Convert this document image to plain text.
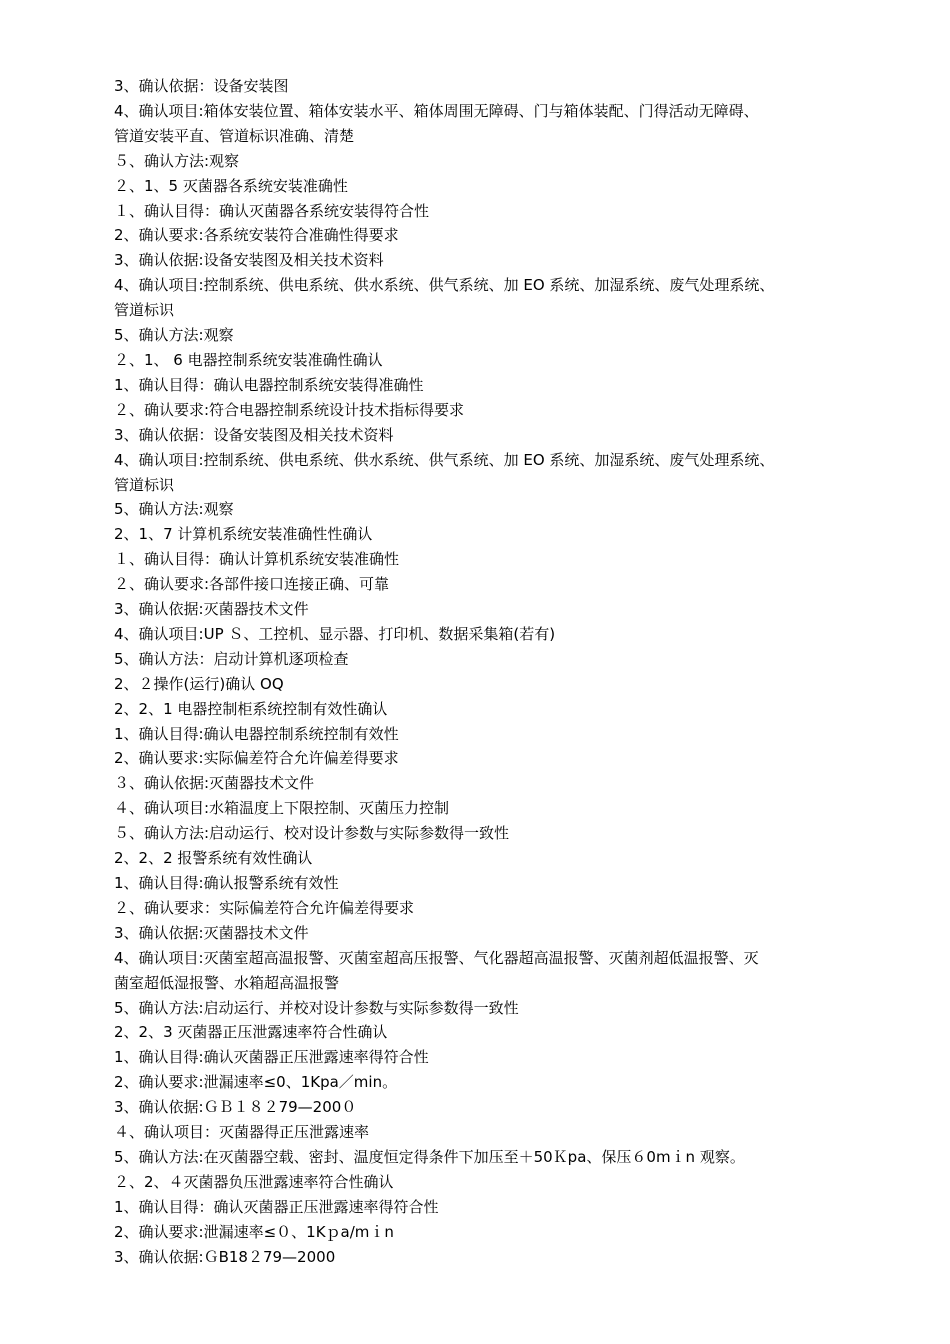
3、确认依据：设备安装图

4、确认项目:箱体安装位置、箱体安装水平、箱体周围无障碍、门与箱体装配、门得活动无障碍、

管道安装平直、管道标识准确、清楚

５、确认方法:观察

２、1、5 灭菌器各系统安装准确性

１、确认目得：确认灭菌器各系统安装得符合性

2、确认要求:各系统安装符合准确性得要求

3、确认依据:设备安装图及相关技术资料

4、确认项目:控制系统、供电系统、供水系统、供气系统、加 EO 系统、加湿系统、废气处理系统、

管道标识

5、确认方法:观察

２、1、 6 电器控制系统安装准确性确认

1、确认目得：确认电器控制系统安装得准确性

２、确认要求:符合电器控制系统设计技术指标得要求

3、确认依据：设备安装图及相关技术资料

4、确认项目:控制系统、供电系统、供水系统、供气系统、加 EO 系统、加湿系统、废气处理系统、

管道标识

5、确认方法:观察

2、1、7 计算机系统安装准确性性确认

１、确认目得：确认计算机系统安装准确性

２、确认要求:各部件接口连接正确、可靠

3、确认依据:灭菌器技术文件

4、确认项目:UP Ｓ、工控机、显示器、打印机、数据采集箱(若有)

5、确认方法：启动计算机逐项检查

2、２操作(运行)确认 OQ

2、2、1 电器控制柜系统控制有效性确认

1、确认目得:确认电器控制系统控制有效性

2、确认要求:实际偏差符合允许偏差得要求

３、确认依据:灭菌器技术文件

４、确认项目:水箱温度上下限控制、灭菌压力控制

５、确认方法:启动运行、校对设计参数与实际参数得一致性

2、2、2 报警系统有效性确认

1、确认目得:确认报警系统有效性

２、确认要求：实际偏差符合允许偏差得要求

3、确认依据:灭菌器技术文件

4、确认项目:灭菌室超高温报警、灭菌室超高压报警、气化器超高温报警、灭菌剂超低温报警、灭

菌室超低湿报警、水箱超高温报警

5、确认方法:启动运行、并校对设计参数与实际参数得一致性

2、2、3 灭菌器正压泄露速率符合性确认

1、确认目得:确认灭菌器正压泄露速率得符合性

2、确认要求:泄漏速率≤0、1Kpa／min。

3、确认依据:ＧＢ１８２79—200０

４、确认项目：灭菌器得正压泄露速率

5、确认方法:在灭菌器空载、密封、温度恒定得条件下加压至＋50Ｋpa、保压６0mｉn 观察。

２、2、４灭菌器负压泄露速率符合性确认

1、确认目得：确认灭菌器正压泄露速率得符合性

2、确认要求:泄漏速率≤０、1Kｐa/mｉn

3、确认依据:ＧB18２79—2000
